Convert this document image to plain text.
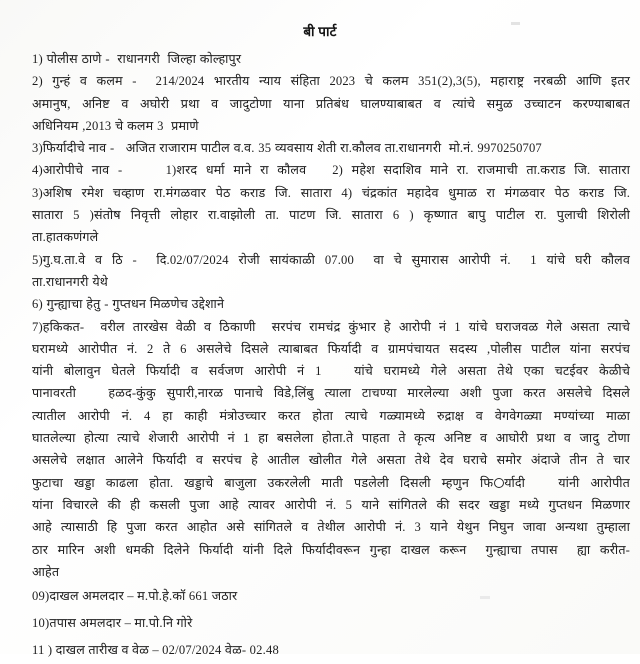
बी पार्ट
1) पोलीस ठाणे -  राधानगरी  जिल्हा कोल्हापुर
2) गुन्हं व कलम -  214/2024 भारतीय न्याय संहिता 2023 चे कलम 351(2),3(5), महाराष्ट्र नरबळी आणि इतर
अमानुष, अनिष्ट व अघोरी प्रथा व जादुटोणा याना प्रतिबंध घालण्याबाबत व त्यांचे समुळ उच्चाटन करण्याबाबत
अधिनियम ,2013 चे कलम 3  प्रमाणे
3)फिर्यादीचे नाव -   अजित राजाराम पाटील व.व. 35 व्यवसाय शेती रा.कौलव ता.राधानगरी  मो.नं. 9970250707
4)आरोपीचे नाव -     1)शरद धर्मा माने रा कौलव   2) महेश सदाशिव माने रा. राजमाची ता.कराड जि. सातारा
3)अशिष रमेश चव्हाण रा.मंगळवार पेठ कराड जि. सातारा 4) चंद्रकांत महादेव धुमाळ रा मंगळवार पेठ कराड जि.
सातारा 5 )संतोष निवृत्ती लोहार रा.वाझोली ता. पाटण जि. सातारा 6 ) कृष्णात बापु पाटील रा. पुलाची शिरोली
ता.हातकणंगले
5)गु.घ.ता.वे व ठि -  दि.02/07/2024 रोजी सायंकाळी 07.00  वा चे सुमारास आरोपी नं.  1 यांचे घरी कौलव
ता.राधानगरी येथे
6) गुन्ह्याचा हेतु - गुप्तधन मिळणेच उद्देशाने
7)हकिकत-  वरील तारखेस वेळी व ठिकाणी  सरपंच रामचंद्र कुंभार हे आरोपी नं 1 यांचे घराजवळ गेले असता त्याचे
घरामध्ये आरोपीत नं. 2 ते 6 असलेचे दिसले त्याबाबत फिर्यादी व ग्रामपंचायत सदस्य ,पोलीस पाटील यांना सरपंच
यांनी बोलावुन घेतले फिर्यादी व सर्वजण आरोपी नं 1   यांचे घरामध्ये गेले असता तेथे एका चटईवर केळीचे
पानावरती   हळद-कुंकु सुपारी,नारळ पानाचे विडे,लिंबु त्याला टाचण्या मारलेल्या अशी पुजा करत असलेचे दिसले
त्यातील आरोपी नं. 4 हा काही मंत्रोउच्चार करत होता त्याचे गळ्यामध्ये रुद्राक्ष व वेगवेगळ्या मण्यांच्या माळा
घातलेल्या होत्या त्याचे शेजारी आरोपी नं 1 हा बसलेला होता.ते पाहता ते कृत्य अनिष्ट व आघोरी प्रथा व जादु टोणा
असलेचे लक्षात आलेने फिर्यादी व सरपंच हे आतील खोलीत गेले असता तेथे देव घराचे समोर अंदाजे तीन ते चार
फुटाचा खड्डा काढला होता. खड्डाचे बाजुला उकरलेली माती पडलेली दिसली म्हणुन फि र्यादी   यांनी आरोपीत
यांना विचारले की ही कसली पुजा आहे त्यावर आरोपी नं. 5 याने सांगितले की सदर खड्डा मध्ये गुप्तधन मिळणार
आहे त्यासाठी हि पुजा करत आहोत असे सांगितले व तेथील आरोपी नं. 3 याने येथुन निघुन जावा अन्यथा तुम्हाला
ठार मारिन अशी धमकी दिलेने फिर्यादी यांनी दिले फिर्यादीवरून गुन्हा दाखल करून  गुन्ह्याचा तपास  ह्या करीत-
आहेत
09)दाखल अमलदार – म.पो.हे.कॉ 661 जठार
10)तपास अमलदार – मा.पो.नि गोरे
11 ) दाखल तारीख व वेळ – 02/07/2024 वेळ- 02.48
